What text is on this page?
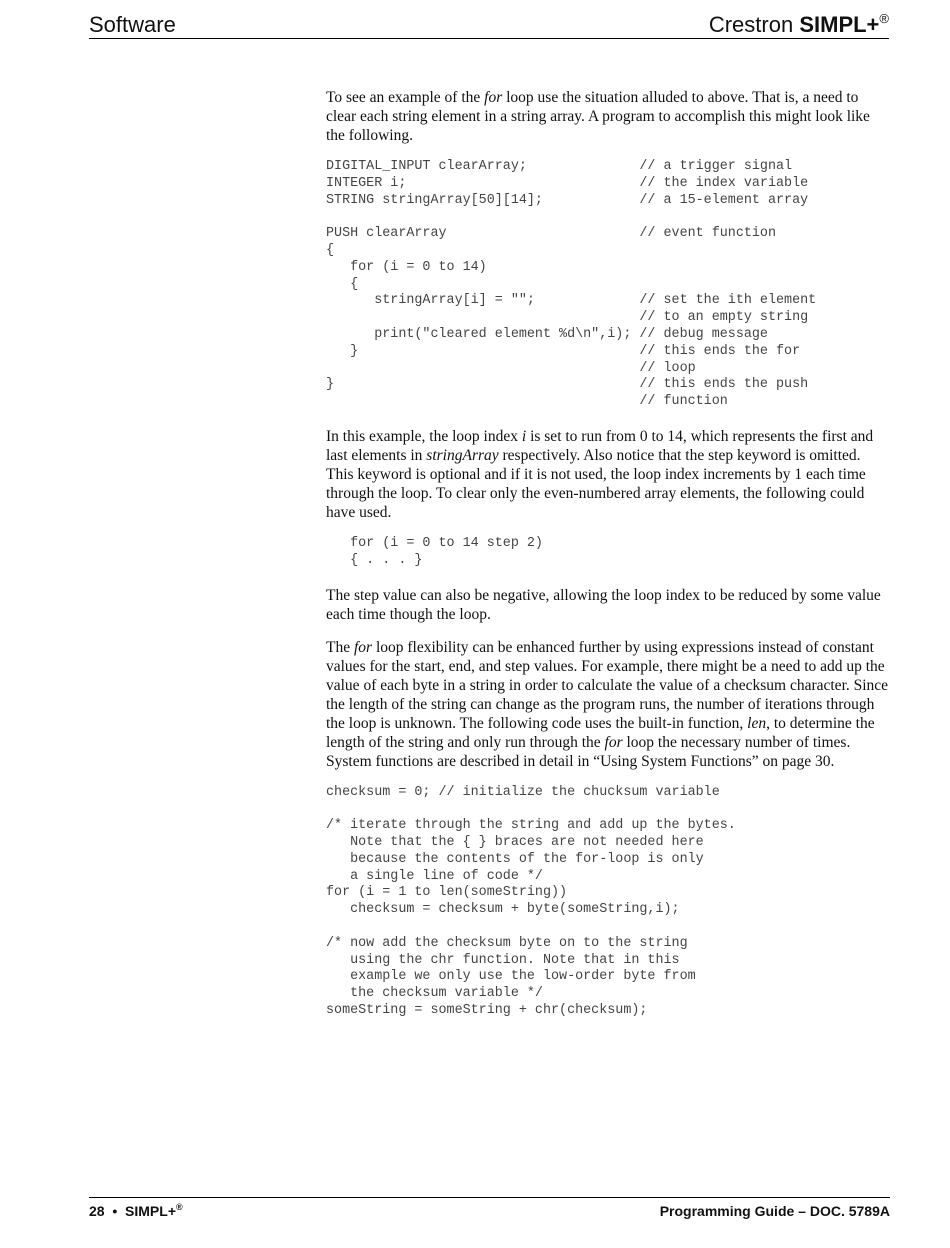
Software	Crestron SIMPL+®

To see an example of the for loop use the situation alluded to above. That is, a need to clear each string element in a string array. A program to accomplish this might look like the following.

DIGITAL_INPUT clearArray;              // a trigger signal
INTEGER i;                             // the index variable
STRING stringArray[50][14];            // a 15-element array
PUSH clearArray                        // event function
{
for (i = 0 to 14)
{
stringArray[i] = "";             // set the ith element
// to an empty string
print("cleared element %d\n",i); // debug message
}                                   // this ends the for
// loop
}                                      // this ends the push
// function

In this example, the loop index i is set to run from 0 to 14, which represents the first and last elements in stringArray respectively. Also notice that the step keyword is omitted. This keyword is optional and if it is not used, the loop index increments by 1 each time through the loop. To clear only the even-numbered array elements, the following could have used.

for (i = 0 to 14 step 2)
{ . . . }

The step value can also be negative, allowing the loop index to be reduced by some value each time though the loop.

The for loop flexibility can be enhanced further by using expressions instead of constant values for the start, end, and step values. For example, there might be a need to add up the value of each byte in a string in order to calculate the value of a checksum character. Since the length of the string can change as the program runs, the number of iterations through the loop is unknown. The following code uses the built-in function, len, to determine the length of the string and only run through the for loop the necessary number of times. System functions are described in detail in “Using System Functions” on page 30.

checksum = 0; // initialize the chucksum variable
/* iterate through the string and add up the bytes.
Note that the { } braces are not needed here
because the contents of the for-loop is only
a single line of code */
for (i = 1 to len(someString))
checksum = checksum + byte(someString,i);
/* now add the checksum byte on to the string
using the chr function. Note that in this
example we only use the low-order byte from
the checksum variable */
someString = someString + chr(checksum);
28 • SIMPL+®	Programming Guide – DOC. 5789A
